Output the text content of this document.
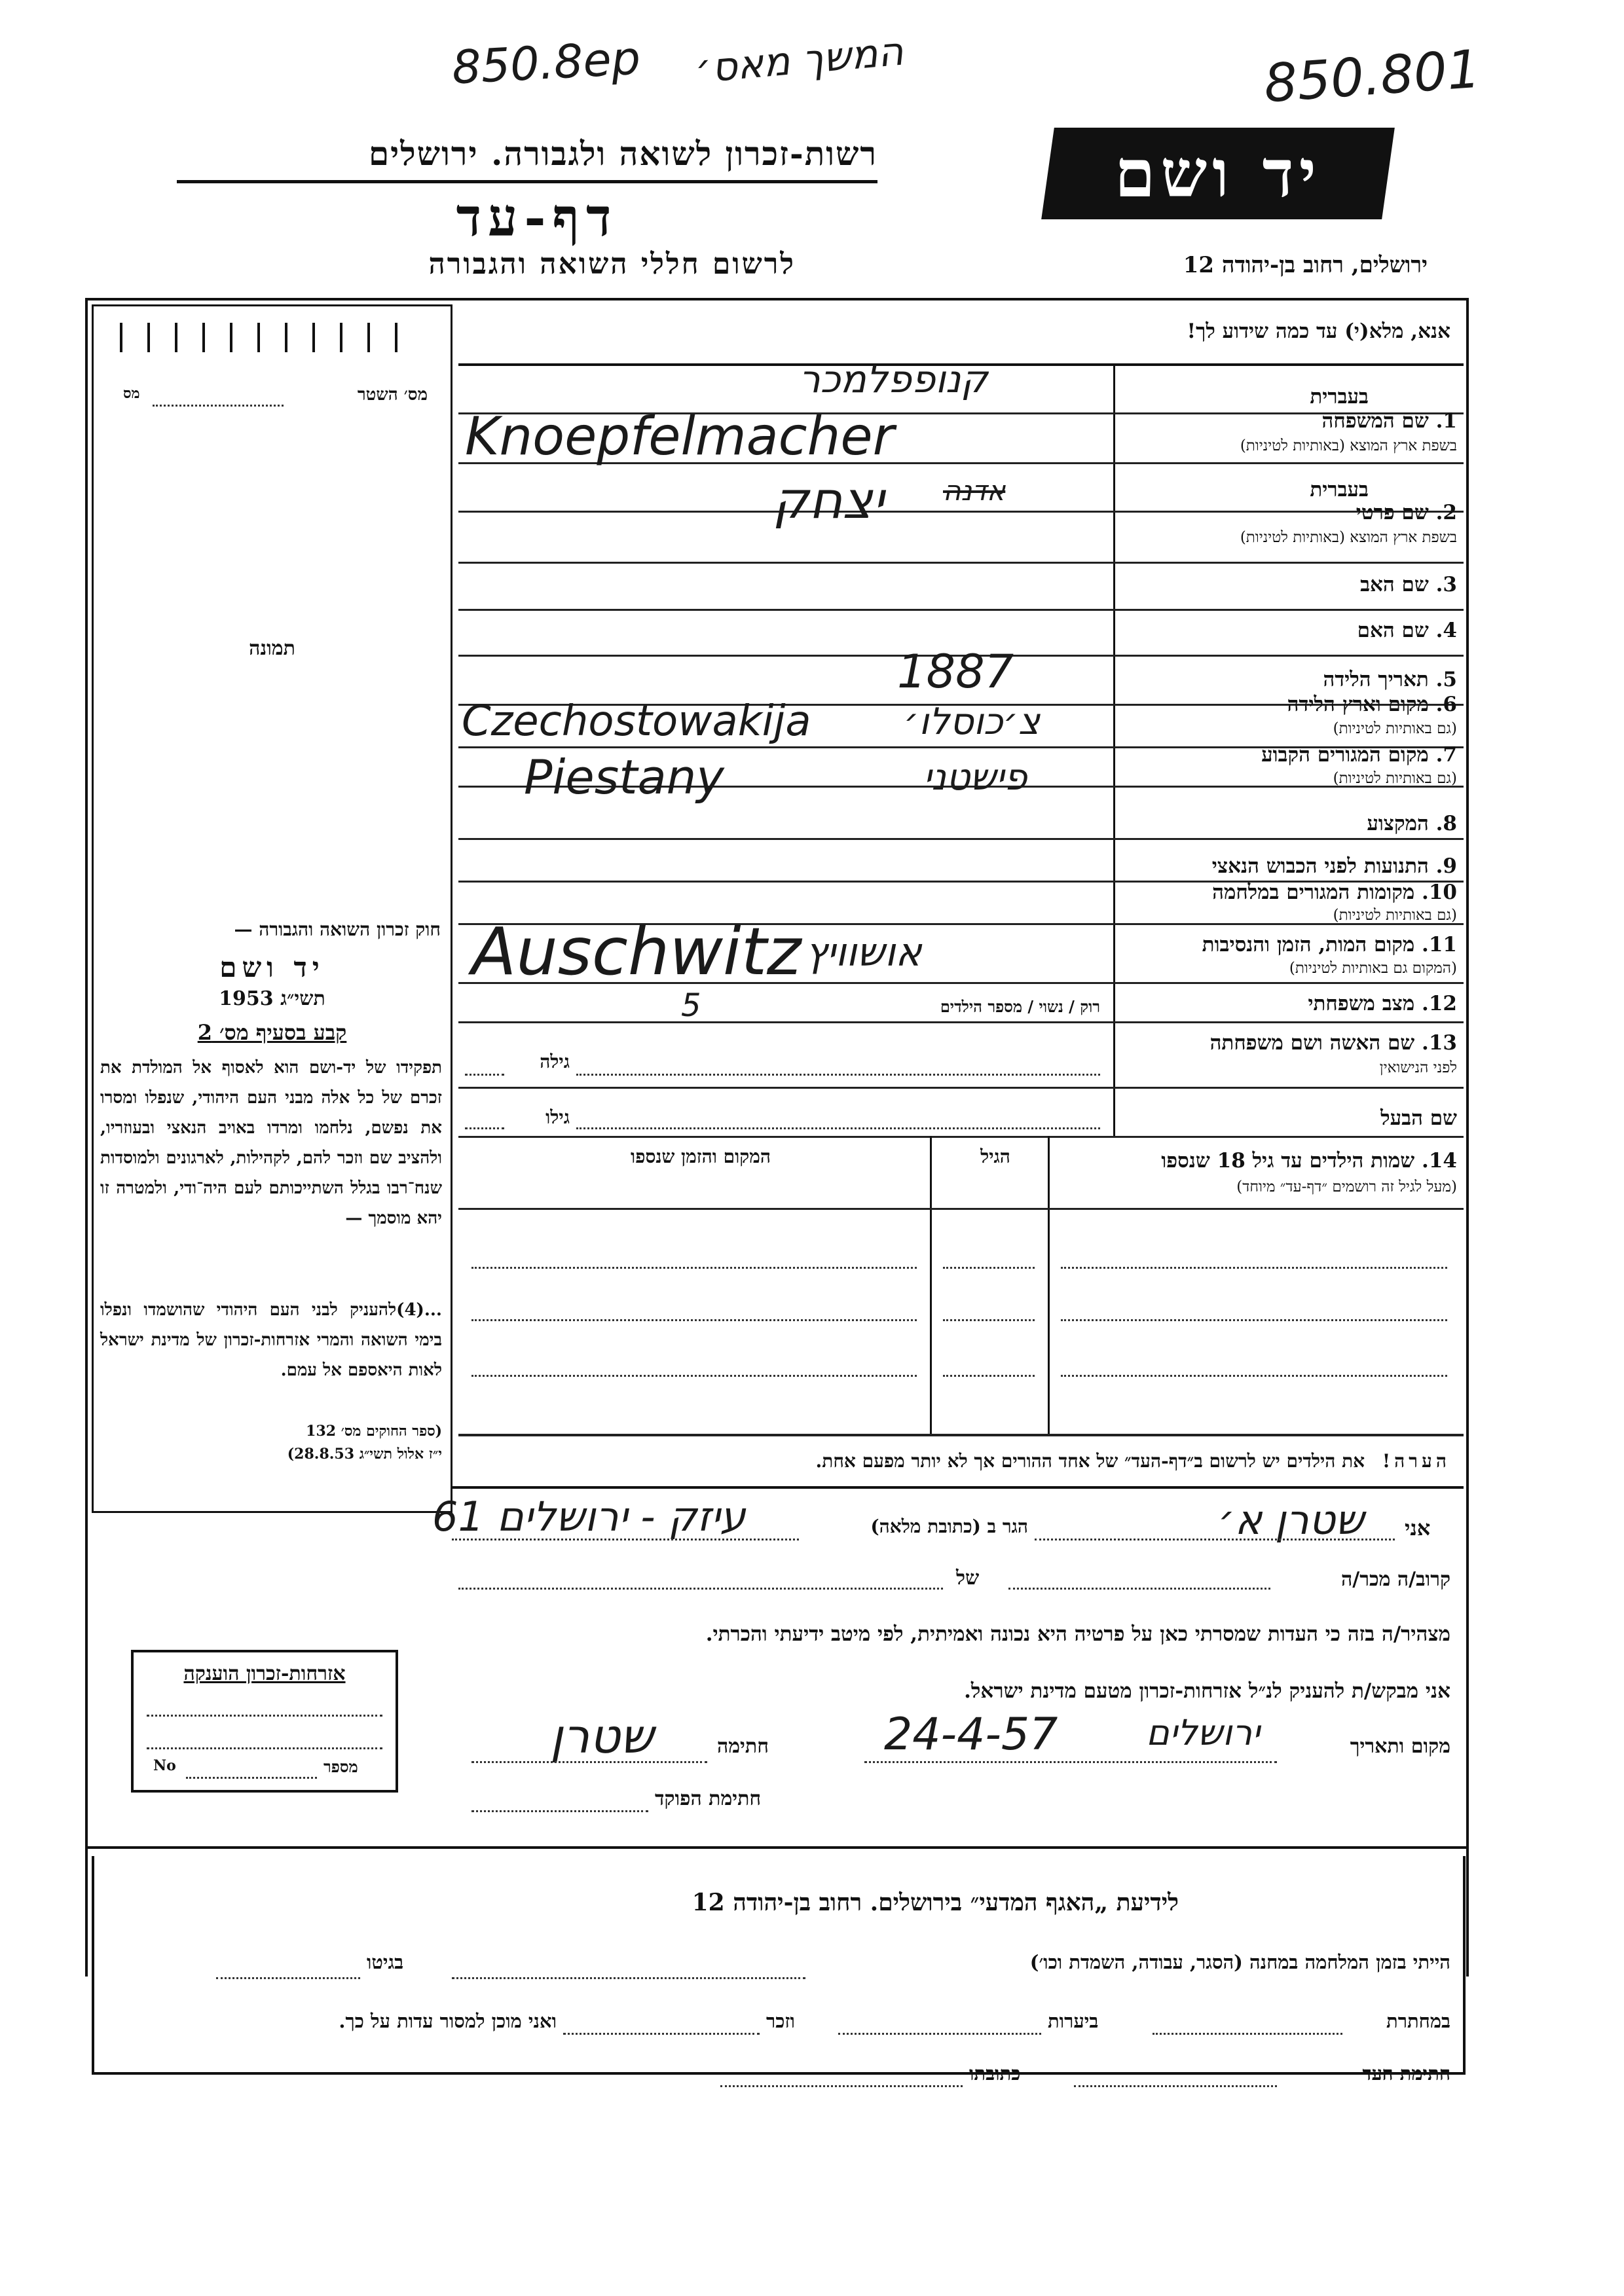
850.8ep	המשך מאס׳	850.801
רשות-זכרון לשואה ולגבורה. ירושלים
דף-עד
לרשום חללי השואה והגבורה
יד ושם
ירושלים, רחוב בן-יהודה 12
מס׳ השטר
מס
תמונה
חוק זכרון השואה והגבורה —
יד ושם
תשי״ג 1953
קבע בסעיף מס׳ 2
תפקידו של יד-ושם הוא לאסוף אל המולדת את זכרם של כל אלה מבני העם היהודי, שנפלו ומסרו את נפשם, נלחמו ומרדו באויב הנאצי ובעוזריו, ולהציב שם וזכר להם, לקהילות, לארגונים ולמוסדות שנח־רבו בגלל השתייכותם לעם היה־ודי, ולמטרה זו יהא מוסמך —
...(4)להעניק לבני העם היהודי שהושמדו ונפלו בימי השואה והמרי אזרחות-זכרון של מדינת ישראל לאות היאספם אל עמם.
(ספר החוקים מס׳ 132
י״ז אלול תשי״ג 28.8.53)
אנא, מלא(י) עד כמה שידוע לך!
בעברית
1. שם המשפחה
בשפת ארץ המוצא (באותיות לטיניות)
קנופפלמכר
Knoepfelmacher
בעברית
2. שם פרטי
בשפת ארץ המוצא (באותיות לטיניות)
יצחק אדנה
3. שם האב
4. שם האם
5. תאריך הלידה
1887
6. מקום וארץ הלידה
(גם באותיות לטיניות)
Czechostowakija	צ׳כוסלו׳
7. מקום המגורים הקבוע
(גם באותיות לטיניות)
Piestany	פישטני
8. המקצוע
9. התנועות לפני הכבוש הנאצי
10. מקומות המגורים במלחמה
(גם באותיות לטיניות)
11. מקום המות, הזמן והנסיבות
(המקום גם באותיות לטיניות)
Auschwitz אושוויץ
12. מצב משפחתי
רוק / נשוי / מספר הילדים
5
13. שם האשה ושם משפחתה
לפני הנישואין
גילה
שם הבעל
גילו
14. שמות הילדים עד גיל 18 שנספו
(מעל לגיל זה רושמים ״דף-עד״ מיוחד)
הגיל
המקום והזמן שנספו
הערה!   את הילדים יש לרשום ב״דף-העד״ של אחד ההורים אך לא יותר מפעם אחת.
אני
שטרן א׳
הגר ב (כתובת מלאה)
עיזק - ירושלים 61
קרוב/ה מכר/ה
של
מצהיר/ה בזה כי העדות שמסרתי כאן על פרטיה היא נכונה ואמיתית, לפי מיטב ידיעתי והכרתי.
אני מבקש/ת להעניק לנ״ל אזרחות-זכרון מטעם מדינת ישראל.
מקום ותאריך
ירושלים
24-4-57
חתימה
שטרן
חתימת הפוקד
אזרחות-זכרון הוענקה
No	מספר
לידיעת „האגף המדעי״ בירושלים. רחוב בן-יהודה 12
הייתי בזמן המלחמה במחנה (הסגר, עבודה, השמדת וכו׳)
בגיטו
במחתרת
ביערות
וזכר
ואני מוכן למסור עדות על כך.
חתימת העד
כתובתו
